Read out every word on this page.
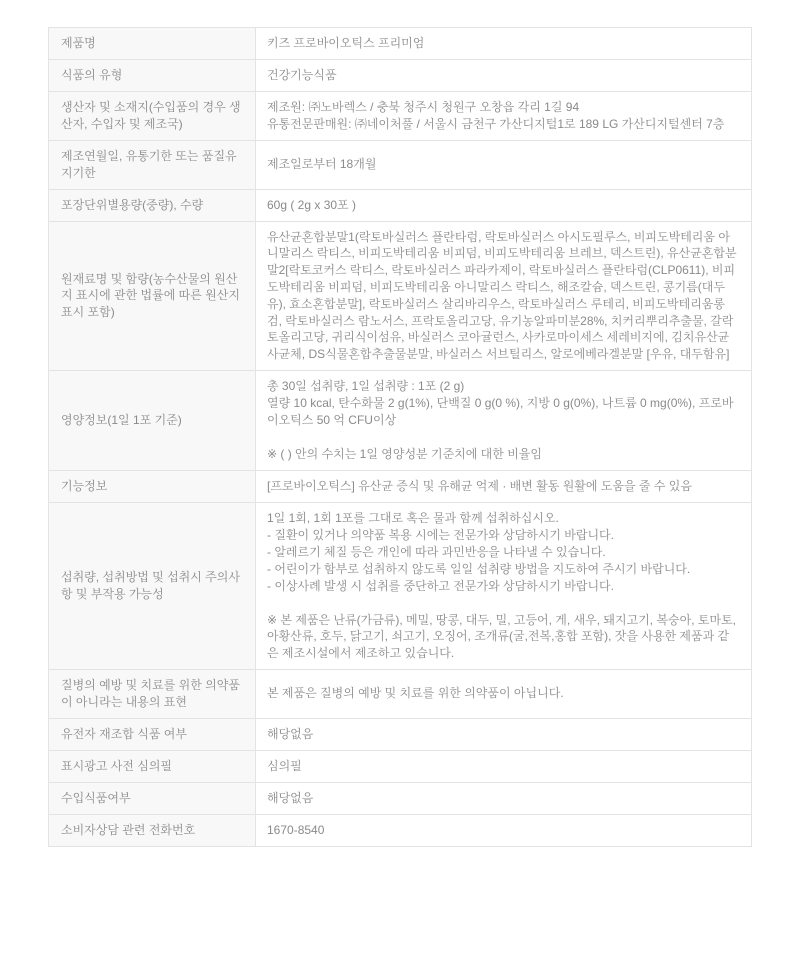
제품명	키즈 프로바이오틱스 프리미엄

식품의 유형	건강기능식품

생산자 및 소재지(수입품의 경우 생산자, 수입자 및 제조국)	제조원: ㈜노바렉스 / 충북 청주시 청원구 오창읍 각리 1길 94
유통전문판매원: ㈜네이처풀 / 서울시 금천구 가산디지털1로 189 LG 가산디지털센터 7층

제조연월일, 유통기한 또는 품질유지기한	제조일로부터 18개월

포장단위별용량(중량), 수량	60g ( 2g x 30포 )

원재료명 및 함량(농수산물의 원산지 표시에 관한 법률에 따른 원산지 표시 포함)	유산균혼합분말1(락토바실러스 플란타럼, 락토바실러스 아시도필루스, 비피도박테리움 아니말리스 락티스, 비피도박테리움 비피덤, 비피도박테리움 브레브, 덱스트린), 유산균혼합분말2[락토코커스 락티스, 락토바실러스 파라카제이, 락토바실러스 플란타럼(CLP0611), 비피도박테리움 비피덤, 비피도박테리움 아니말리스 락티스, 해조칼슘, 덱스트린, 콩기름(대두유), 효소혼합분말], 락토바실러스 살리바리우스, 락토바실러스 루테리, 비피도박테리움롱검, 락토바실러스 람노서스, 프락토올리고당, 유기농알파미분28%, 치커리뿌리추출물, 갈락토올리고당, 귀리식이섬유, 바실러스 코아귤런스, 사카로마이세스 세레비지에, 김치유산균사균체, DS식물혼합추출물분말, 바실러스 서브틸리스, 알로에베라겔분말 [우유, 대두함유]

영양정보(1일 1포 기준)	총 30일 섭취량, 1일 섭취량 : 1포 (2 g)
열량 10 kcal, 탄수화물 2 g(1%), 단백질 0 g(0 %), 지방 0 g(0%), 나트륨 0 mg(0%), 프로바이오틱스 50 억 CFU이상
※ ( ) 안의 수치는 1일 영양성분 기준치에 대한 비율임

기능정보	[프로바이오틱스] 유산균 증식 및 유해균 억제 · 배변 활동 원활에 도움을 줄 수 있음

섭취량, 섭취방법 및 섭취시 주의사항 및 부작용 가능성	
1일 1회, 1회 1포를 그대로 혹은 물과 함께 섭취하십시오.
- 질환이 있거나 의약품 복용 시에는 전문가와 상담하시기 바랍니다.
- 알레르기 체질 등은 개인에 따라 과민반응을 나타낼 수 있습니다.
- 어린이가 함부로 섭취하지 않도록 일일 섭취량 방법을 지도하여 주시기 바랍니다.
- 이상사례 발생 시 섭취를 중단하고 전문가와 상담하시기 바랍니다.
※ 본 제품은 난류(가금류), 메밀, 땅콩, 대두, 밀, 고등어, 게, 새우, 돼지고기, 복숭아, 토마토, 아황산류, 호두, 닭고기, 쇠고기, 오징어, 조개류(굴,전복,홍합 포함), 잣을 사용한 제품과 같은 제조시설에서 제조하고 있습니다.

질병의 예방 및 치료를 위한 의약품이 아니라는 내용의 표현	본 제품은 질병의 예방 및 치료를 위한 의약품이 아닙니다.

유전자 재조합 식품 여부	해당없음

표시광고 사전 심의필	심의필

수입식품여부	해당없음

소비자상담 관련 전화번호	1670-8540
